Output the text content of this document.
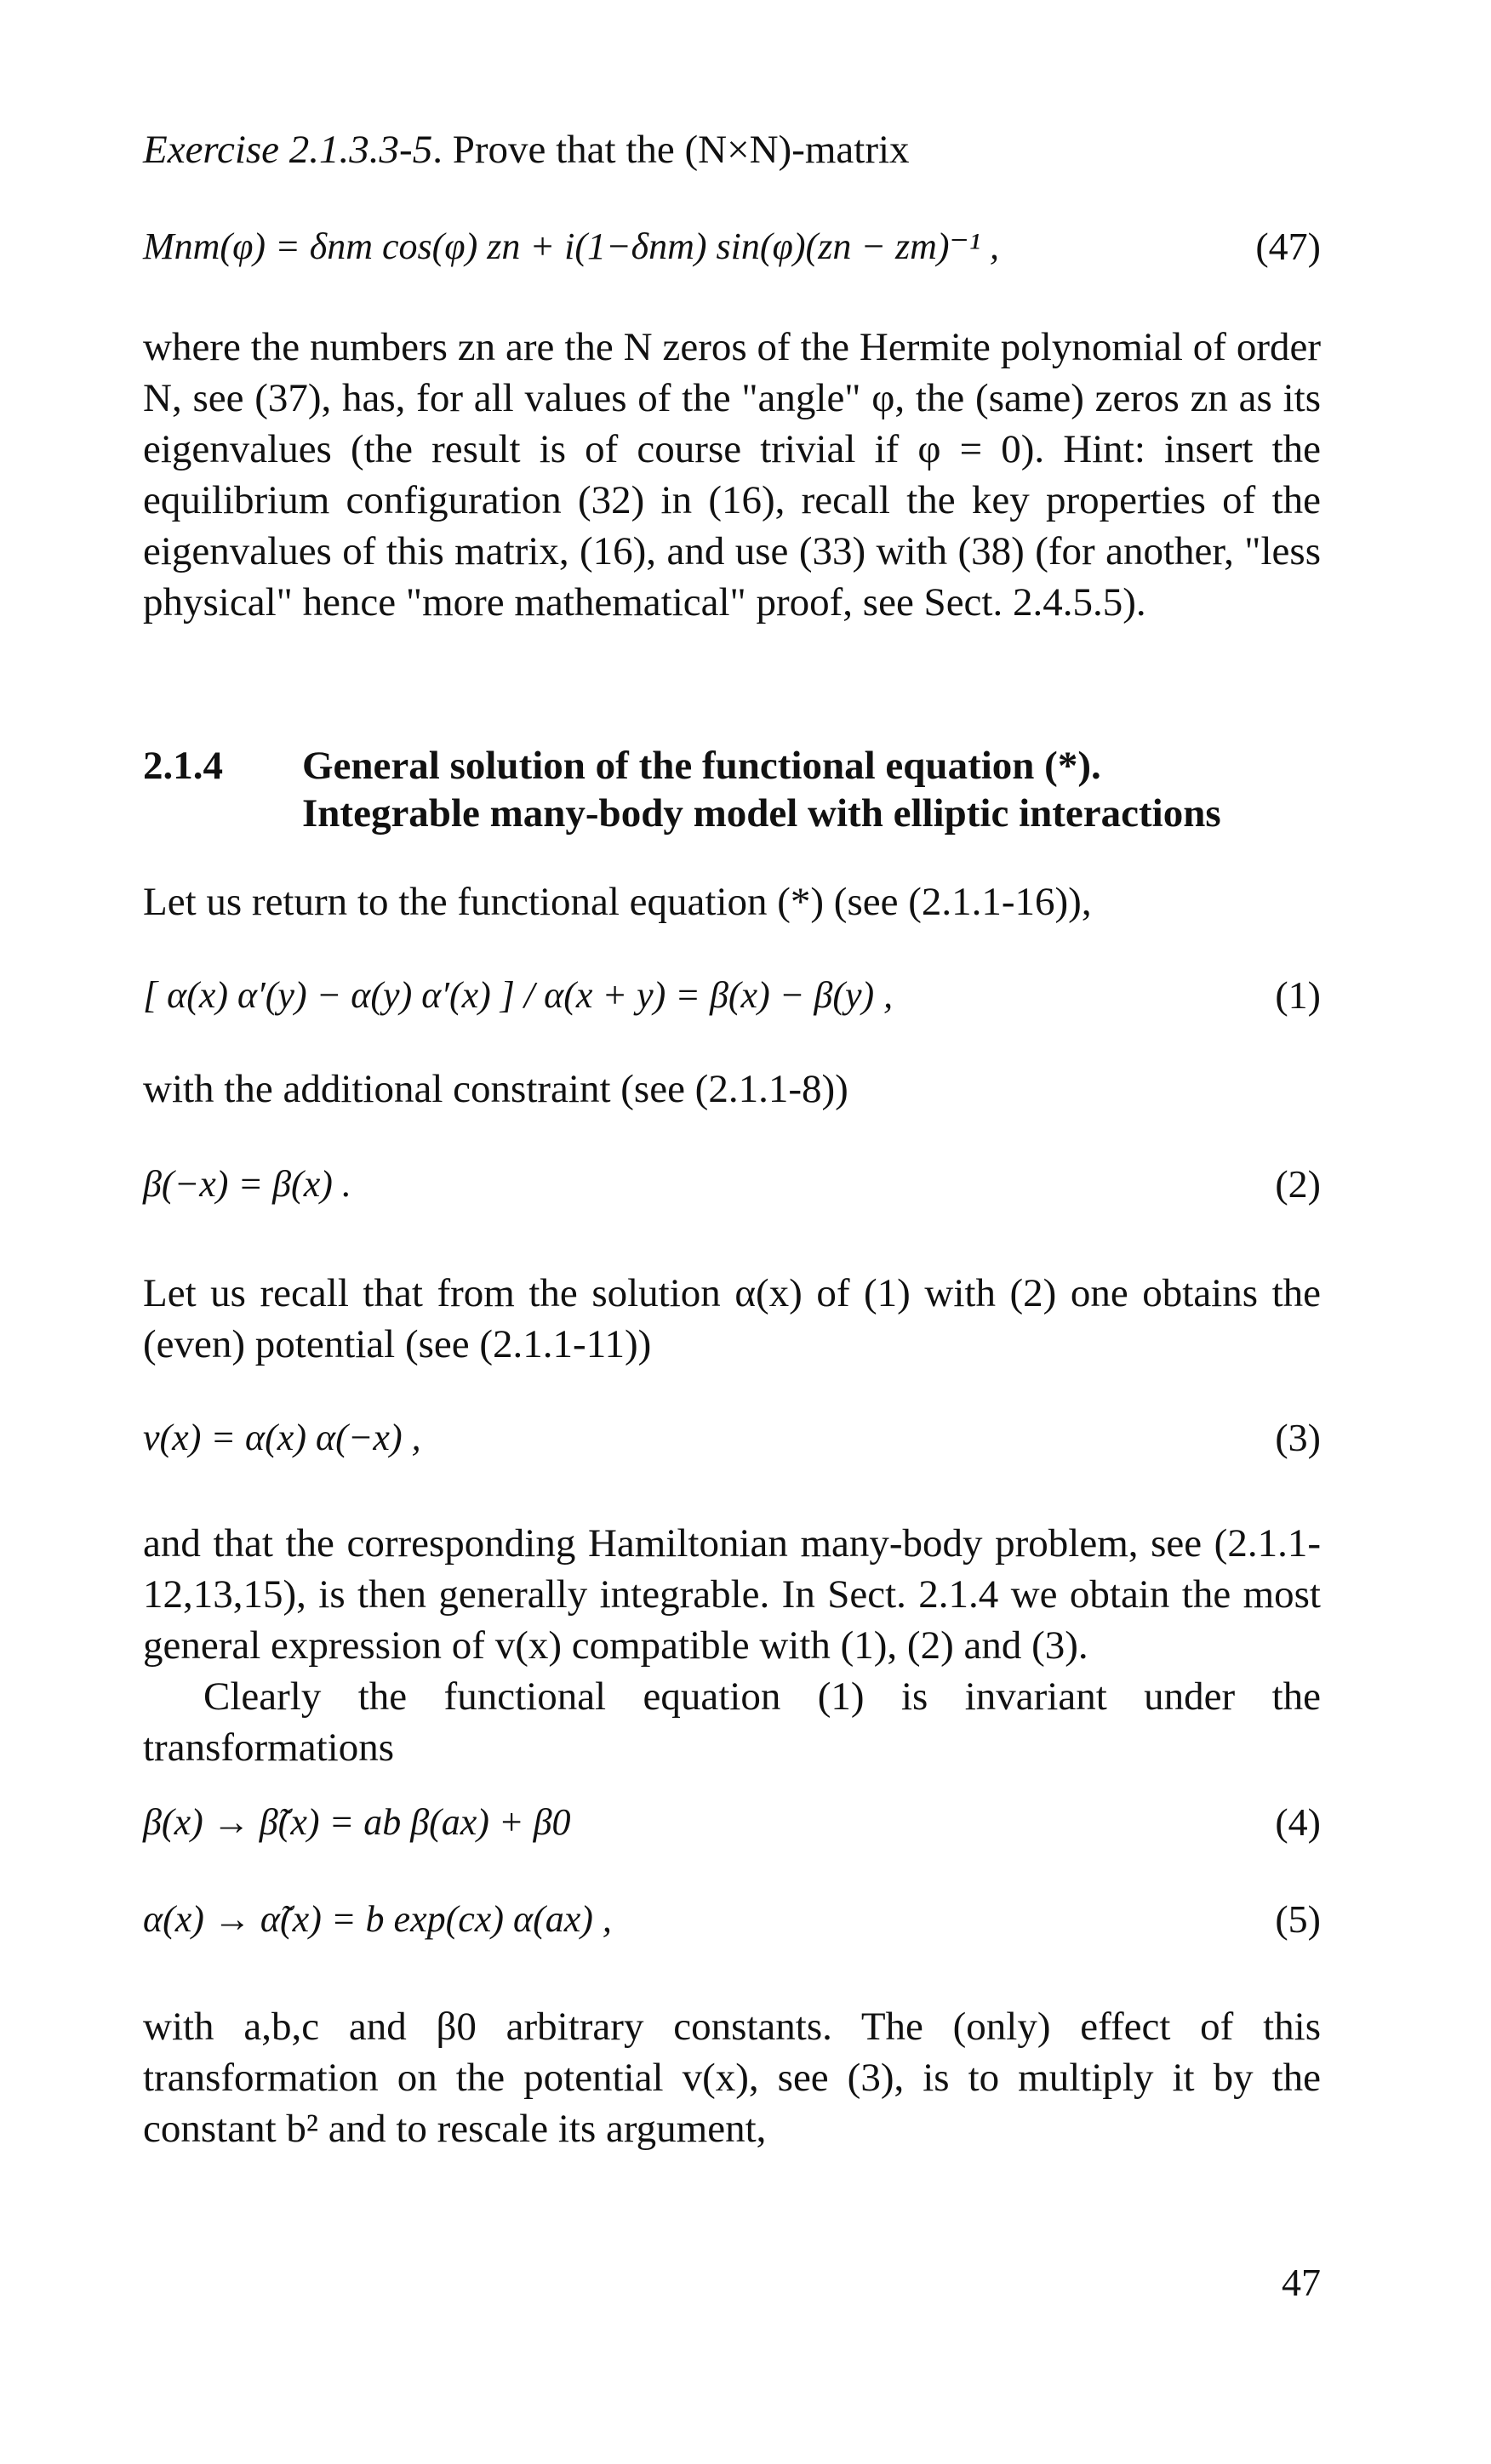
Exercise 2.1.3.3-5. Prove that the (N×N)-matrix
Mnm(φ) = δnm cos(φ) zn + i(1−δnm) sin(φ)(zn − zm)⁻¹ ,	(47)
where the numbers zn are the N zeros of the Hermite polynomial of order N, see (37), has, for all values of the "angle" φ, the (same) zeros zn as its eigenvalues (the result is of course trivial if φ = 0). Hint: insert the equilibrium configuration (32) in (16), recall the key properties of the eigenvalues of this matrix, (16), and use (33) with (38) (for another, "less physical" hence "more mathematical" proof, see Sect. 2.4.5.5).
2.1.4 General solution of the functional equation (*).
Integrable many-body model with elliptic interactions
Let us return to the functional equation (*) (see (2.1.1-16)),
[ α(x) α′(y) − α(y) α′(x) ] / α(x + y) = β(x) − β(y) ,	(1)
with the additional constraint (see (2.1.1-8))
β(−x) = β(x) .	(2)
Let us recall that from the solution α(x) of (1) with (2) one obtains the (even) potential (see (2.1.1-11))
v(x) = α(x) α(−x) ,	(3)
and that the corresponding Hamiltonian many-body problem, see (2.1.1-12,13,15), is then generally integrable. In Sect. 2.1.4 we obtain the most general expression of v(x) compatible with (1), (2) and (3).
Clearly the functional equation (1) is invariant under the transformations
β(x) → β̃(x) = ab β(ax) + β0	(4)
α(x) → α̃(x) = b exp(cx) α(ax) ,	(5)
with a,b,c and β0 arbitrary constants. The (only) effect of this transformation on the potential v(x), see (3), is to multiply it by the constant b² and to rescale its argument,
47
